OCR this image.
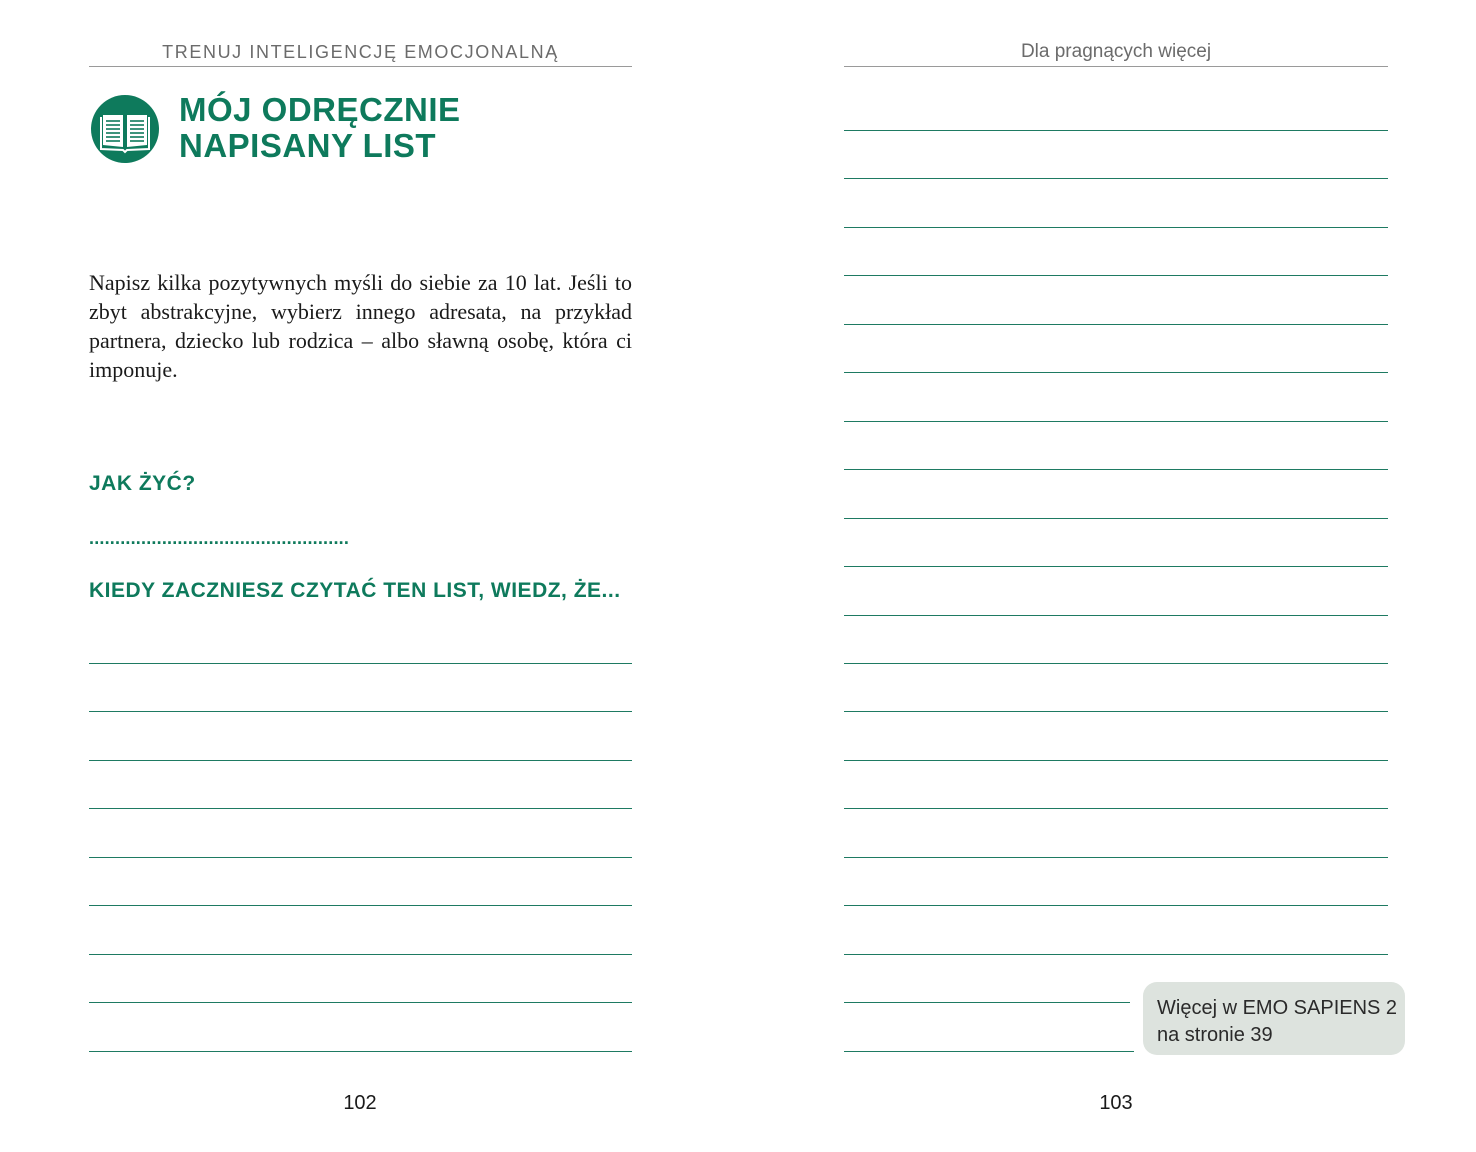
TRENUJ INTELIGENCJĘ EMOCJONALNĄ
MÓJ ODRĘCZNIE
NAPISANY LIST

Napisz kilka pozytywnych myśli do siebie za 10 lat. Jeśli to zbyt abstrakcyjne, wybierz innego adresata, na przykład partnera, dziecko lub rodzica – albo sławną osobę, która ci imponuje.

JAK ŻYĆ?
..................................................
KIEDY ZACZNIESZ CZYTAĆ TEN LIST, WIEDZ, ŻE...
102
Dla pragnących więcej
Więcej w EMO SAPIENS 2
na stronie 39
103
